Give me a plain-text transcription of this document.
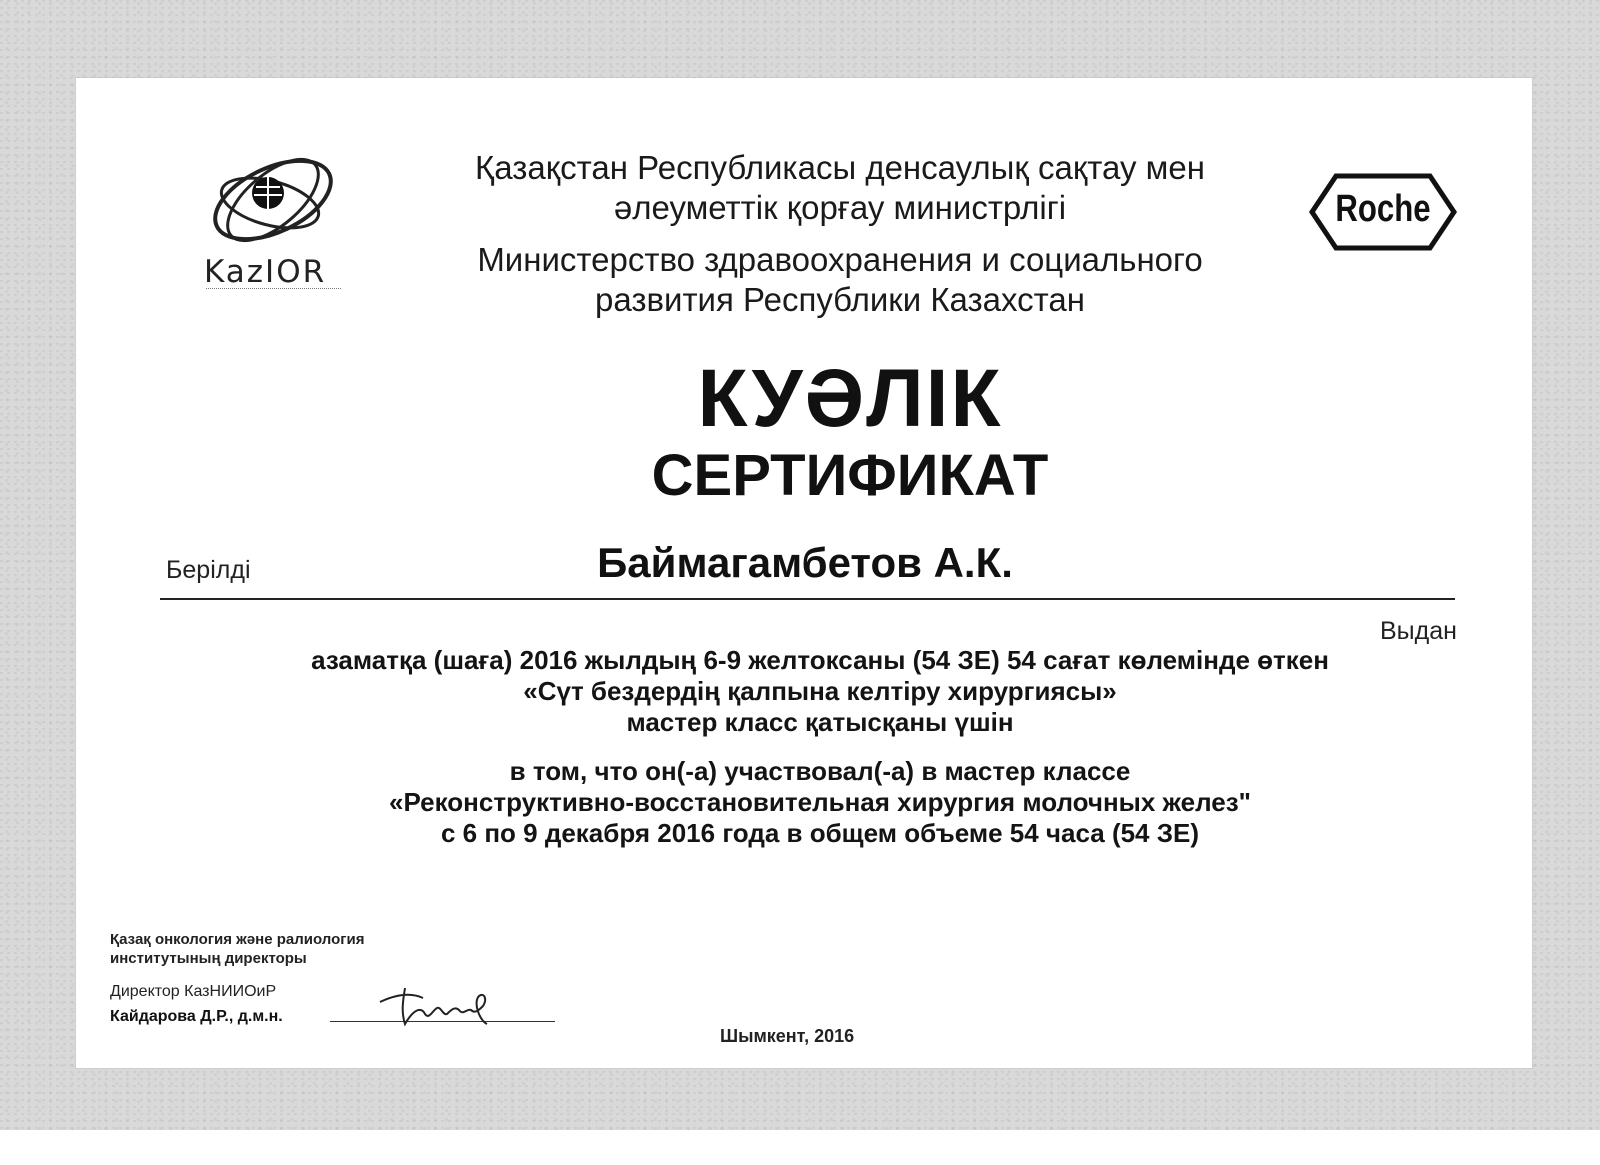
KazIOR
Roche
Қазақстан Республикасы денсаулық сақтау мен
әлеуметтік қорғау министрлігі
Министерство здравоохранения и социального
развития Республики Казахстан
КУӘЛІК
СЕРТИФИКАТ
Берілді	Баймагамбетов А.К.
Выдан
азаматқа (шаға) 2016 жылдың 6-9 желтоксаны (54 ЗЕ) 54 сағат көлемінде өткен
«Сүт бездердің қалпына келтіру хирургиясы»
мастер класс қатысқаны үшін
в том, что он(-а) участвовал(-а) в мастер классе
«Реконструктивно-восстановительная хирургия молочных желез"
с 6 по 9 декабря 2016 года в общем объеме 54 часа (54 ЗЕ)
Қазақ онкология және ралиология
институтының директоры
Директор КазНИИОиР
Кайдарова Д.Р., д.м.н.
Шымкент, 2016
